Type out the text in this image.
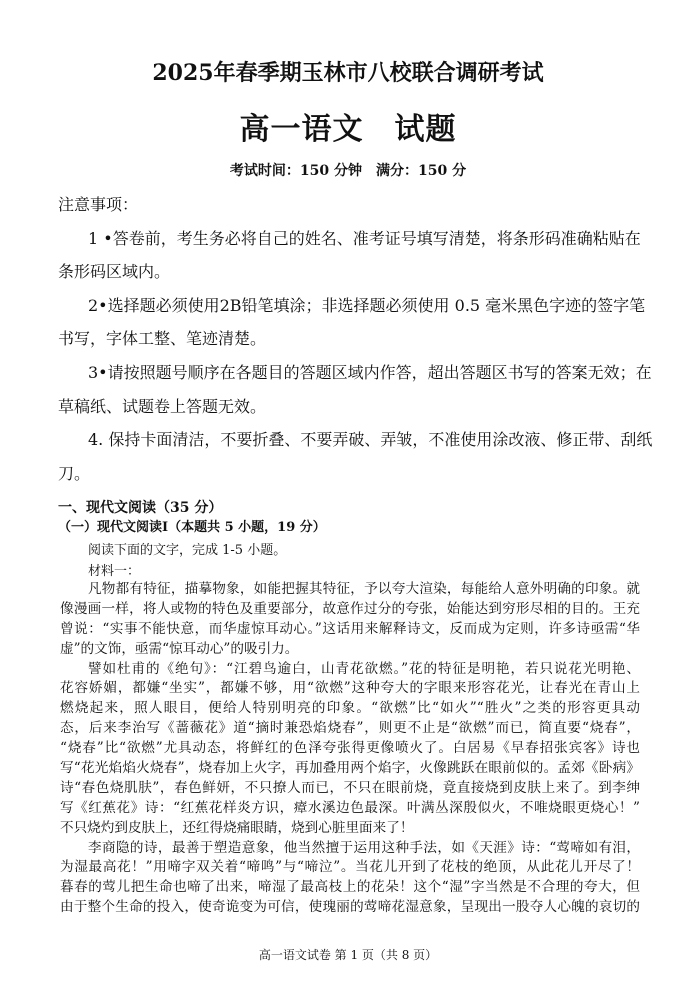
2025年春季期玉林市八校联合调研考试
高一语文　试题
考试时间：150 分钟　满分：150 分
注意事项：
1 •答卷前，考生务必将自己的姓名、准考证号填写清楚，将条形码准确粘贴在
条形码区域内。
2•选择题必须使用2B铅笔填涂；非选择题必须使用 0.5 毫米黑色字迹的签字笔
书写，字体工整、笔迹清楚。
3•请按照题号顺序在各题目的答题区域内作答，超出答题区书写的答案无效；在
草稿纸、试题卷上答题无效。
4. 保持卡面清洁，不要折叠、不要弄破、弄皱，不准使用涂改液、修正带、刮纸
刀。
一、现代文阅读（35 分）
（一）现代文阅读Ⅰ（本题共 5 小题，19 分）
阅读下面的文字，完成 1-5 小题。
材料一：
凡物都有特征，描摹物象，如能把握其特征，予以夸大渲染，每能给人意外明确的印象。就
像漫画一样，将人或物的特色及重要部分，故意作过分的夸张，始能达到穷形尽相的目的。王充
曾说：“实事不能快意，而华虚惊耳动心。”这话用来解释诗文，反而成为定则，许多诗亟需“华
虚”的文饰，亟需“惊耳动心”的吸引力。
譬如杜甫的《绝句》：“江碧鸟逾白，山青花欲燃。”花的特征是明艳，若只说花光明艳、
花容娇媚，都嫌“坐实”，都嫌不够，用“欲燃”这种夸大的字眼来形容花光，让春光在青山上
燃烧起来，照人眼目，便给人特别明亮的印象。“欲燃”比“如火”“胜火”之类的形容更具动
态，后来李治写《蔷薇花》道“摘时兼恐焰烧春”，则更不止是“欲燃”而已，简直要“烧春”，
“烧春”比“欲燃”尤具动态，将鲜红的色泽夸张得更像喷火了。白居易《早春招张宾客》诗也
写“花光焰焰火烧春”，烧春加上火字，再加叠用两个焰字，火像跳跃在眼前似的。孟郊《卧病》
诗“春色烧肌肤”，春色鲜妍，不只撩人而已，不只在眼前烧，竟直接烧到皮肤上来了。到李绅
写《红蕉花》诗：“红蕉花样炎方识，瘴水溪边色最深。叶满丛深殷似火，不唯烧眼更烧心！”
不只烧灼到皮肤上，还红得烧痛眼睛，烧到心脏里面来了！
李商隐的诗，最善于塑造意象，他当然擅于运用这种手法，如《天涯》诗：“莺啼如有泪，
为湿最高花！”用啼字双关着“啼鸣”与“啼泣”。当花儿开到了花枝的绝顶，从此花儿开尽了！
暮春的莺儿把生命也啼了出来，啼湿了最高枝上的花朵！这个“湿”字当然是不合理的夸大，但
由于整个生命的投入，使奇诡变为可信，使瑰丽的莺啼花湿意象，呈现出一股夺人心魄的哀切的
高一语文试卷 第 1 页（共 8 页）
